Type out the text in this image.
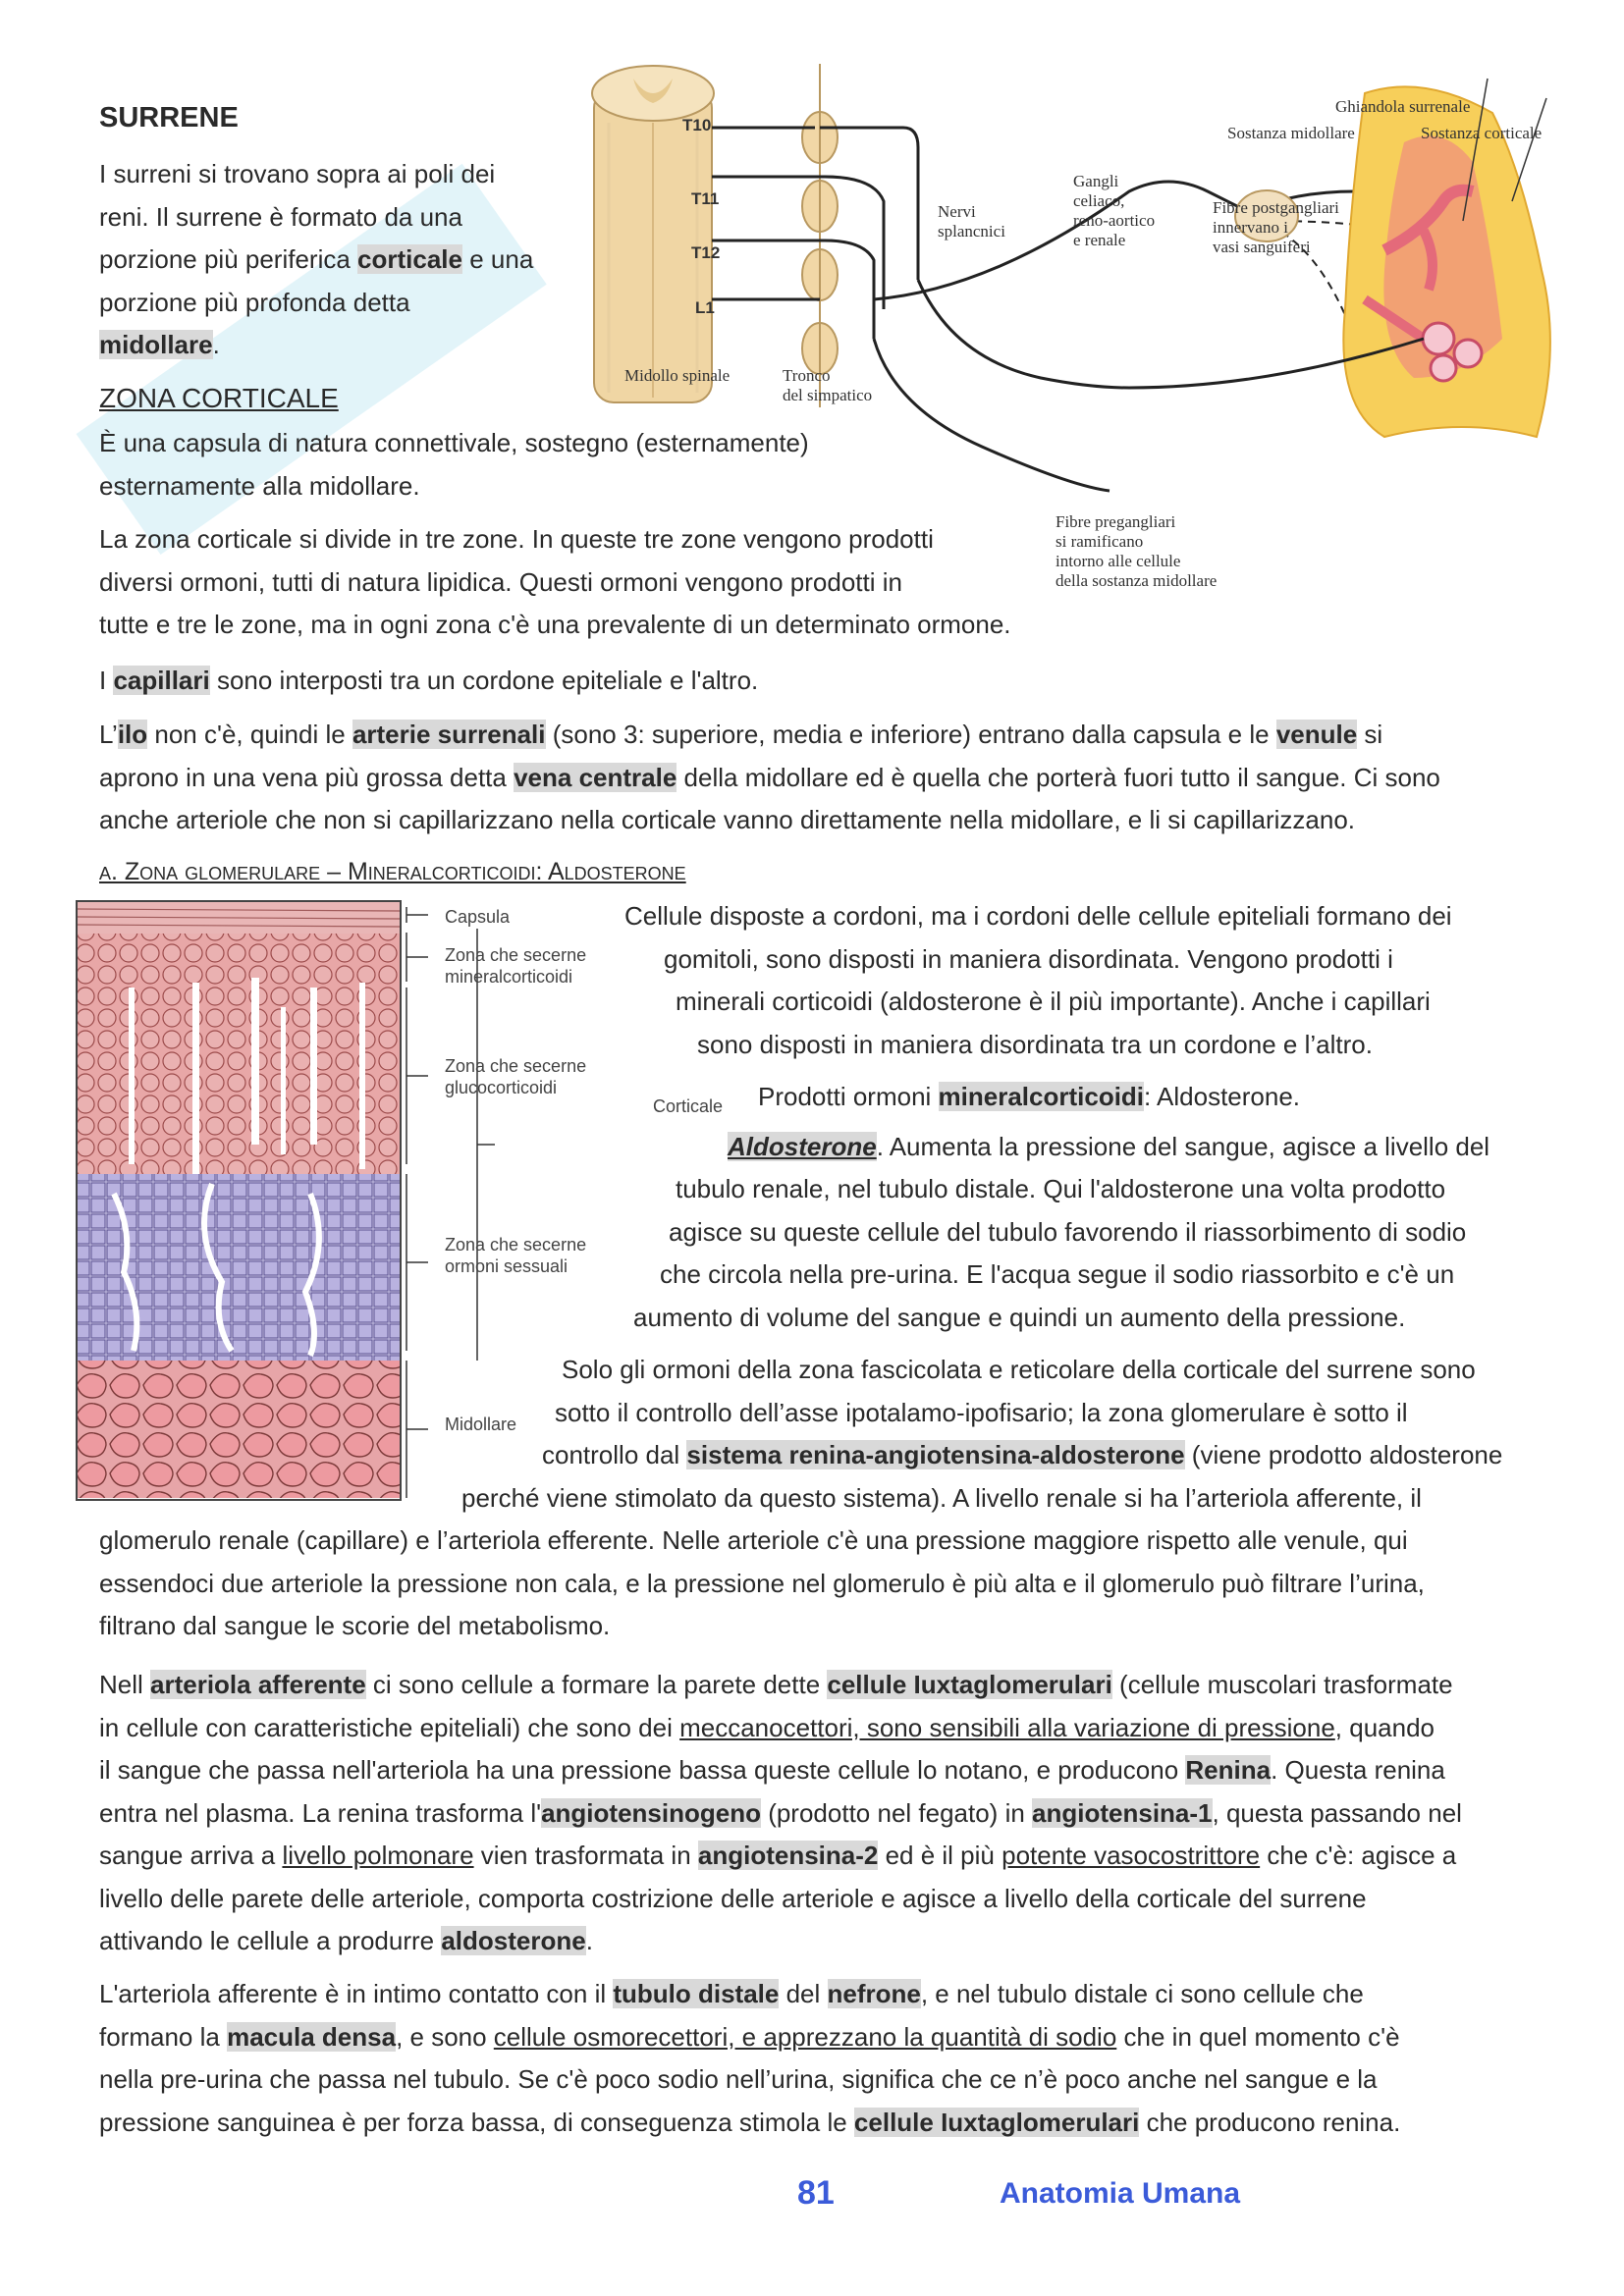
SURRENE

I surreni si trovano sopra ai poli dei

reni. Il surrene è formato da una

porzione più periferica corticale e una

porzione più profonda detta

midollare.

ZONA CORTICALE

È una capsula di natura connettivale, sostegno (esternamente)

esternamente alla midollare.

La zona corticale si divide in tre zone. In queste tre zone vengono prodotti

diversi ormoni, tutti di natura lipidica. Questi ormoni vengono prodotti in

tutte e tre le zone, ma in ogni zona c'è una prevalente di un determinato ormone.

I capillari sono interposti tra un cordone epiteliale e l'altro.

L’ilo non c'è, quindi le arterie surrenali (sono 3: superiore, media e inferiore) entrano dalla capsula e le venule si

aprono in una vena più grossa detta vena centrale della midollare ed è quella che porterà fuori tutto il sangue. Ci sono

anche arteriole che non si capillarizzano nella corticale vanno direttamente nella midollare, e li si capillarizzano.

a. Zona glomerulare – Mineralcorticoidi: Aldosterone

Cellule disposte a cordoni, ma i cordoni delle cellule epiteliali formano dei

gomitoli, sono disposti in maniera disordinata. Vengono prodotti i

minerali corticoidi (aldosterone è il più importante). Anche i capillari

sono disposti in maniera disordinata tra un cordone e l’altro.

Prodotti ormoni mineralcorticoidi: Aldosterone.

Aldosterone. Aumenta la pressione del sangue, agisce a livello del

tubulo renale, nel tubulo distale. Qui l'aldosterone una volta prodotto

agisce su queste cellule del tubulo favorendo il riassorbimento di sodio

che circola nella pre-urina. E l'acqua segue il sodio riassorbito e c'è un

aumento di volume del sangue e quindi un aumento della pressione.

Solo gli ormoni della zona fascicolata e reticolare della corticale del surrene sono

sotto il controllo dell’asse ipotalamo-ipofisario; la zona glomerulare è sotto il

controllo dal sistema renina-angiotensina-aldosterone (viene prodotto aldosterone

perché viene stimolato da questo sistema). A livello renale si ha l’arteriola afferente, il

glomerulo renale (capillare) e l’arteriola efferente. Nelle arteriole c'è una pressione maggiore rispetto alle venule, qui

essendoci due arteriole la pressione non cala, e la pressione nel glomerulo è più alta e il glomerulo può filtrare l’urina,

filtrano dal sangue le scorie del metabolismo.

Nell arteriola afferente ci sono cellule a formare la parete dette cellule Iuxtaglomerulari (cellule muscolari trasformate

in cellule con caratteristiche epiteliali) che sono dei meccanocettori, sono sensibili alla variazione di pressione, quando

il sangue che passa nell'arteriola ha una pressione bassa queste cellule lo notano, e producono Renina. Questa renina

entra nel plasma. La renina trasforma l'angiotensinogeno (prodotto nel fegato) in angiotensina-1, questa passando nel

sangue arriva a livello polmonare vien trasformata in angiotensina-2 ed è il più potente vasocostrittore che c'è: agisce a

livello delle parete delle arteriole, comporta costrizione delle arteriole e agisce a livello della corticale del surrene

attivando le cellule a produrre aldosterone.

L'arteriola afferente è in intimo contatto con il tubulo distale del nefrone, e nel tubulo distale ci sono cellule che

formano la macula densa, e sono cellule osmorecettori, e apprezzano la quantità di sodio che in quel momento c'è

nella pre-urina che passa nel tubulo. Se c'è poco sodio nell’urina, significa che ce n’è poco anche nel sangue e la

pressione sanguinea è per forza bassa, di conseguenza stimola le cellule Iuxtaglomerulari che producono renina.

T10
T11
T12
L1
Midollo spinale	Tronco
del simpatico
Nervi
splancnici
Gangli
celiaco,
reno-aortico
e renale
Fibre postgangliari
innervano i
vasi sanguiferi
Fibre pregangliari
si ramificano
intorno alle cellule
della sostanza midollare
Ghiandola surrenale
Sostanza midollare	Sostanza corticale
Capsula
Zona che secerne
mineralcorticoidi
Zona che secerne
glucocorticoidi
Corticale
Zona che secerne
ormoni sessuali
Midollare
81	Anatomia Umana
